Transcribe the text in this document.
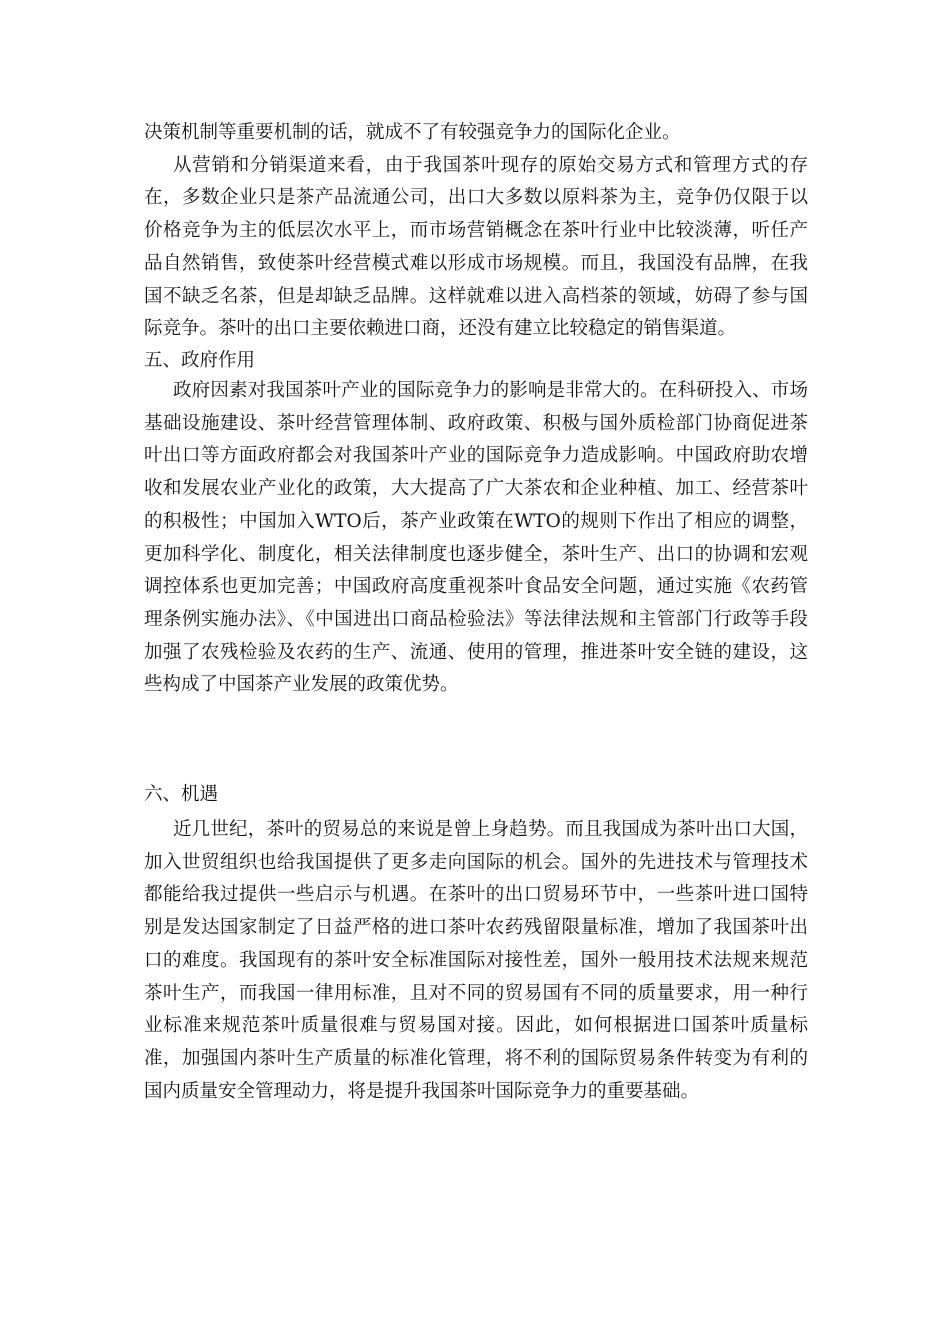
决策机制等重要机制的话，就成不了有较强竞争力的国际化企业。

从营销和分销渠道来看，由于我国茶叶现存的原始交易方式和管理方式的存在，多数企业只是茶产品流通公司，出口大多数以原料茶为主，竞争仍仅限于以价格竞争为主的低层次水平上，而市场营销概念在茶叶行业中比较淡薄，听任产品自然销售，致使茶叶经营模式难以形成市场规模。而且，我国没有品牌，在我国不缺乏名茶，但是却缺乏品牌。这样就难以进入高档茶的领域，妨碍了参与国际竞争。茶叶的出口主要依赖进口商，还没有建立比较稳定的销售渠道。

五、政府作用

政府因素对我国茶叶产业的国际竞争力的影响是非常大的。在科研投入、市场基础设施建设、茶叶经营管理体制、政府政策、积极与国外质检部门协商促进茶叶出口等方面政府都会对我国茶叶产业的国际竞争力造成影响。中国政府助农增收和发展农业产业化的政策，大大提高了广大茶农和企业种植、加工、经营茶叶的积极性；中国加入WTO后，茶产业政策在WTO的规则下作出了相应的调整，更加科学化、制度化，相关法律制度也逐步健全，茶叶生产、出口的协调和宏观调控体系也更加完善；中国政府高度重视茶叶食品安全问题，通过实施《农药管理条例实施办法》、《中国进出口商品检验法》等法律法规和主管部门行政等手段加强了农残检验及农药的生产、流通、使用的管理，推进茶叶安全链的建设，这些构成了中国茶产业发展的政策优势。

六、机遇

近几世纪，茶叶的贸易总的来说是曾上身趋势。而且我国成为茶叶出口大国，加入世贸组织也给我国提供了更多走向国际的机会。国外的先进技术与管理技术都能给我过提供一些启示与机遇。在茶叶的出口贸易环节中，一些茶叶进口国特别是发达国家制定了日益严格的进口茶叶农药残留限量标准，增加了我国茶叶出口的难度。我国现有的茶叶安全标准国际对接性差，国外一般用技术法规来规范茶叶生产，而我国一律用标准，且对不同的贸易国有不同的质量要求，用一种行业标准来规范茶叶质量很难与贸易国对接。因此，如何根据进口国茶叶质量标准，加强国内茶叶生产质量的标准化管理，将不利的国际贸易条件转变为有利的国内质量安全管理动力，将是提升我国茶叶国际竞争力的重要基础。
